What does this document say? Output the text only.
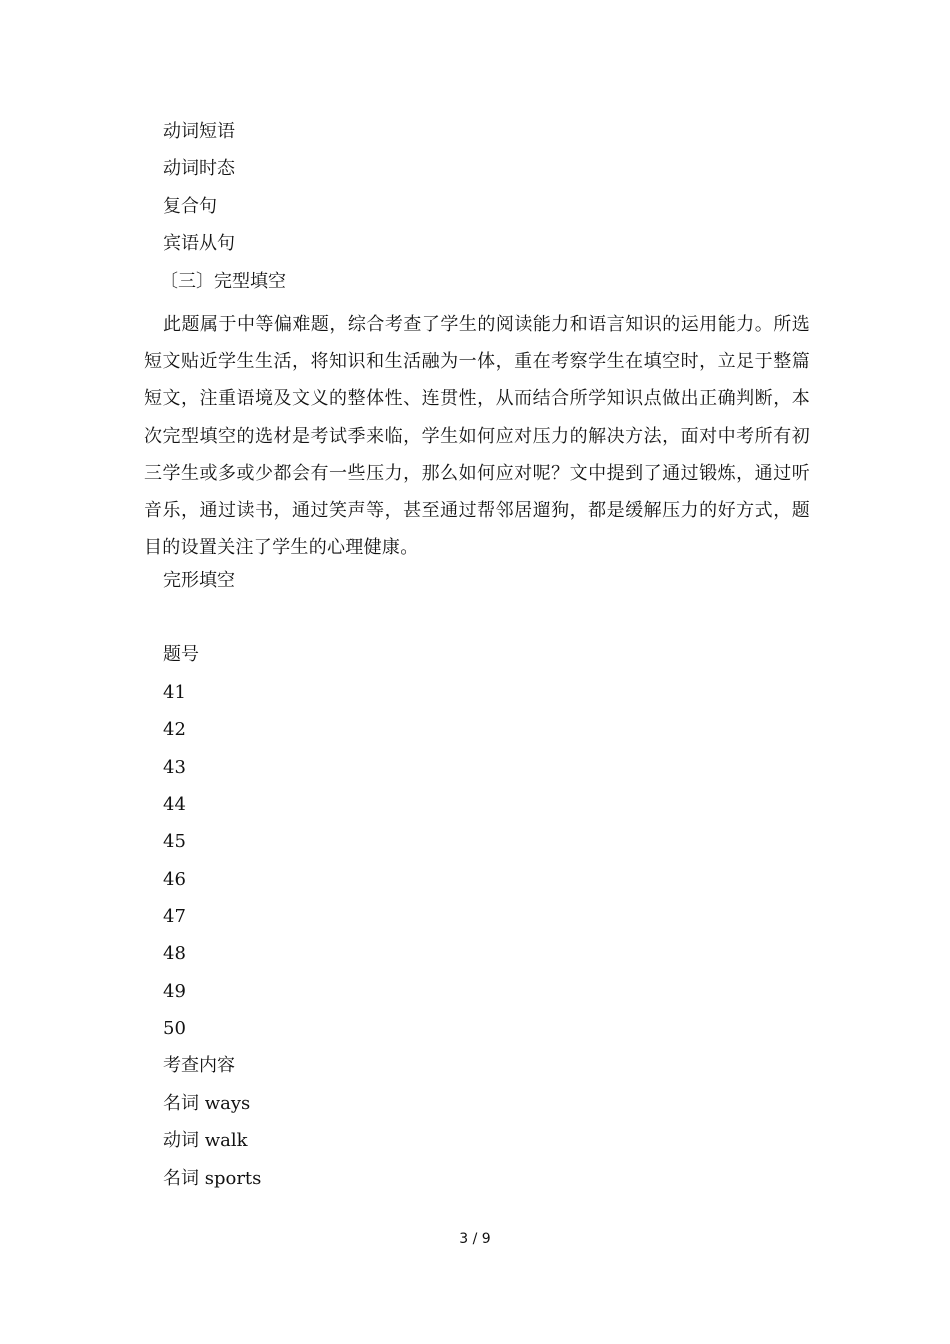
动词短语
动词时态
复合句
宾语从句
〔三〕完型填空
此题属于中等偏难题，综合考查了学生的阅读能力和语言知识的运用能力。所选短文贴近学生生活，将知识和生活融为一体，重在考察学生在填空时，立足于整篇短文，注重语境及文义的整体性、连贯性，从而结合所学知识点做出正确判断，本次完型填空的选材是考试季来临，学生如何应对压力的解决方法，面对中考所有初三学生或多或少都会有一些压力，那么如何应对呢？文中提到了通过锻炼，通过听音乐，通过读书，通过笑声等，甚至通过帮邻居遛狗，都是缓解压力的好方式，题目的设置关注了学生的心理健康。
完形填空
题号
41
42
43
44
45
46
47
48
49
50
考查内容
名词 ways
动词 walk
名词 sports
3 / 9
